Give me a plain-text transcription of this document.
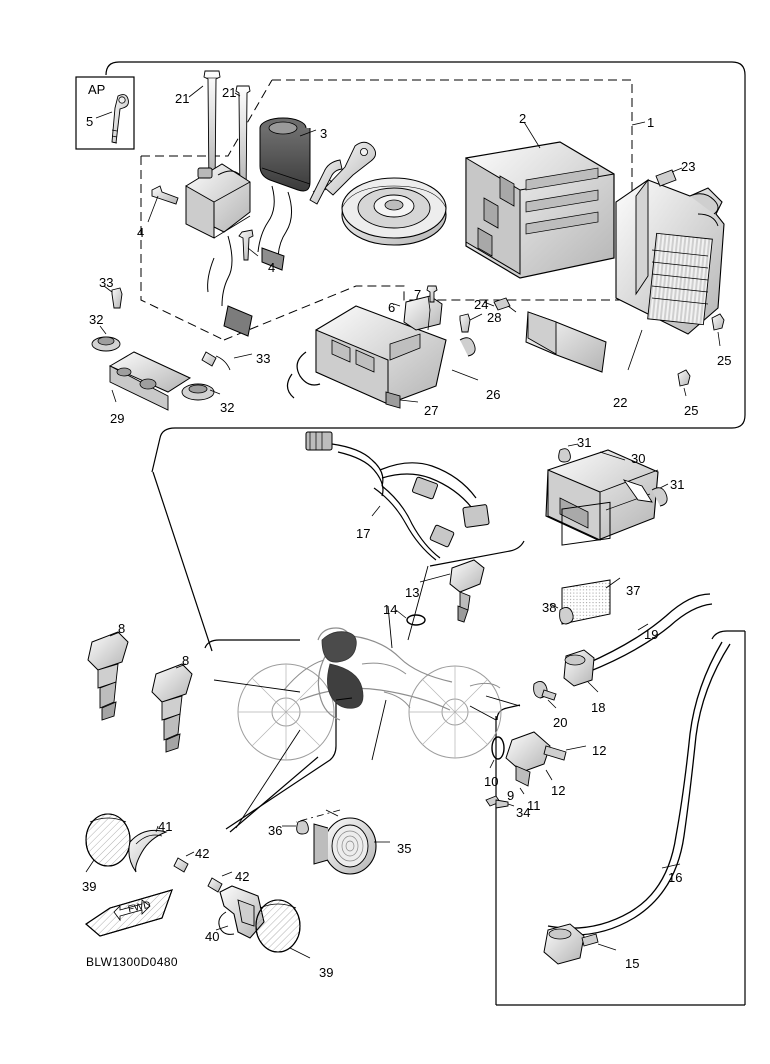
AP
BLW1300D0480
FWD
1
2
3
4
4
5
6
7
8
8
9
10
11
12
12
13
14
15
16
17
18
19
20
21	21
22
23
24
25
25
26
27
28
29
30
31
31
32
32
33
33
34
35
36
37
38
39
39
40
41
42
42
